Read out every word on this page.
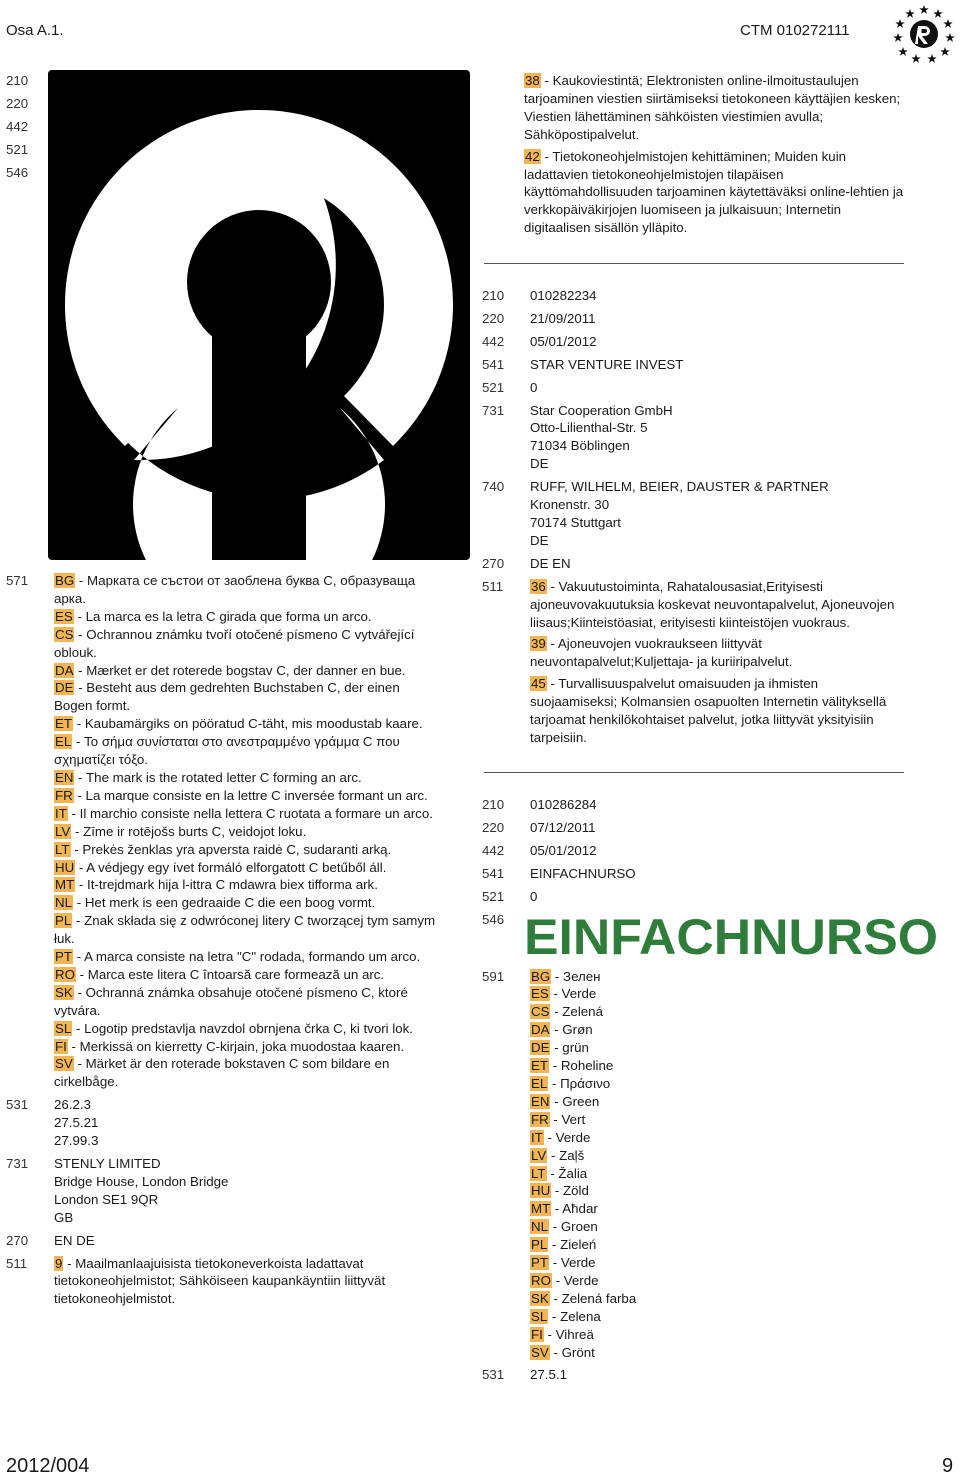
Osa A.1.	CTM 010272111
210
220
442
521
546

38 - Kaukoviestintä; Elektronisten online-ilmoitustaulujen tarjoaminen viestien siirtämiseksi tietokoneen käyttäjien kesken; Viestien lähettäminen sähköisten viestimien avulla; Sähköpostipalvelut.

42 - Tietokoneohjelmistojen kehittäminen; Muiden kuin ladattavien tietokoneohjelmistojen tilapäisen käyttömahdollisuuden tarjoaminen käytettäväksi online-lehtien ja verkkopäiväkirjojen luomiseen ja julkaisuun; Internetin digitaalisen sisällön ylläpito.

571	BG - Марката се състои от заоблена буква С, образуваща арка.

ES - La marca es la letra C girada que forma un arco.

CS - Ochrannou známku tvoří otočené písmeno C vytvářející oblouk.

DA - Mærket er det roterede bogstav C, der danner en bue.

DE - Besteht aus dem gedrehten Buchstaben C, der einen Bogen formt.

ET - Kaubamärgiks on pööratud C-täht, mis moodustab kaare.

EL - Το σήμα συνίσταται στο ανεστραμμένο γράμμα C που σχηματίζει τόξο.

EN - The mark is the rotated letter C forming an arc.

FR - La marque consiste en la lettre C inversée formant un arc.

IT - Il marchio consiste nella lettera C ruotata a formare un arco.

LV - Zīme ir rotējošs burts C, veidojot loku.

LT - Prekės ženklas yra apversta raidė C, sudaranti arką.

HU - A védjegy egy ívet formáló elforgatott C betűből áll.

MT - It-trejdmark hija l-ittra C mdawra biex tifforma ark.

NL - Het merk is een gedraaide C die een boog vormt.

PL - Znak składa się z odwróconej litery C tworzącej tym samym łuk.

PT - A marca consiste na letra "C" rodada, formando um arco.

RO - Marca este litera C întoarsă care formează un arc.

SK - Ochranná známka obsahuje otočené písmeno C, ktoré vytvára.

SL - Logotip predstavlja navzdol obrnjena črka C, ki tvori lok.

FI - Merkissä on kierretty C-kirjain, joka muodostaa kaaren.

SV - Märket är den roterade bokstaven C som bildare en cirkelbåge.

531	26.2.3
27.5.21
27.99.3
731	STENLY LIMITED
Bridge House, London Bridge
London SE1 9QR
GB
270	EN DE
511	9 - Maailmanlaajuisista tietokoneverkoista ladattavat tietokoneohjelmistot; Sähköiseen kaupankäyntiin liittyvät tietokoneohjelmistot.

210	010282234
220	21/09/2011
442	05/01/2012
541	STAR VENTURE INVEST
521	0
731	Star Cooperation GmbH
Otto-Lilienthal-Str. 5
71034 Böblingen
DE
740	RUFF, WILHELM, BEIER, DAUSTER & PARTNER
Kronenstr. 30
70174 Stuttgart
DE
270	DE EN
511	36 - Vakuutustoiminta, Rahatalousasiat,Erityisesti ajoneuvovakuutuksia koskevat neuvontapalvelut, Ajoneuvojen liisaus;Kiinteistöasiat, erityisesti kiinteistöjen vuokraus.

39 - Ajoneuvojen vuokraukseen liittyvät neuvontapalvelut;Kuljettaja- ja kuriiripalvelut.

45 - Turvallisuuspalvelut omaisuuden ja ihmisten suojaamiseksi; Kolmansien osapuolten Internetin välityksellä tarjoamat henkilökohtaiset palvelut, jotka liittyvät yksityisiin tarpeisiin.

210	010286284
220	07/12/2011
442	05/01/2012
541	EINFACHNURSO
521	0
546
591	BG - Зелен

ES - Verde

CS - Zelená

DA - Grøn

DE - grün

ET - Roheline

EL - Πράσινο

EN - Green

FR - Vert

IT - Verde

LV - Zaļš

LT - Žalia

HU - Zöld

MT - Aħdar

NL - Groen

PL - Zieleń

PT - Verde

RO - Verde

SK - Zelená farba

SL - Zelena

FI - Vihreä

SV - Grönt

531	27.5.1
EINFACHNURSO
2012/004	9
